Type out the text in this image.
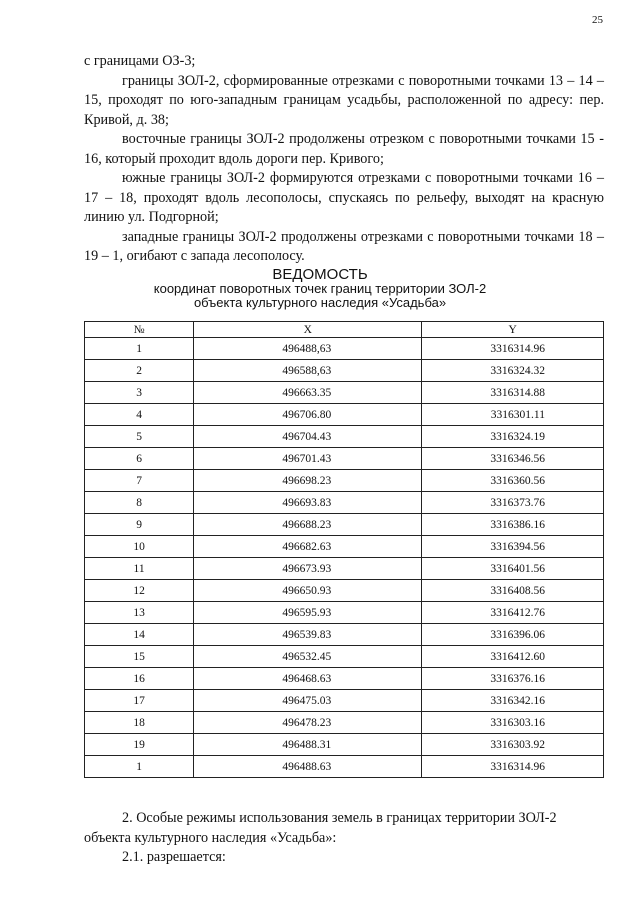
25

с границами ОЗ-3;

границы ЗОЛ-2, сформированные отрезками с поворотными точками 13 – 14 – 15, проходят по юго-западным границам усадьбы, расположенной по адресу: пер. Кривой, д. 38;

восточные границы ЗОЛ-2 продолжены отрезком с поворотными точками 15 - 16, который проходит вдоль дороги пер. Кривого;

южные границы ЗОЛ-2 формируются отрезками с поворотными точками 16 – 17 – 18, проходят вдоль лесополосы, спускаясь по рельефу, выходят на красную линию ул. Подгорной;

западные границы ЗОЛ-2 продолжены отрезками с поворотными точками 18 – 19 – 1, огибают с запада лесополосу.

ВЕДОМОСТЬ
координат поворотных точек границ территории ЗОЛ-2
объекта культурного наследия «Усадьба»
№	X	Y
1	496488,63	3316314.96
2	496588,63	3316324.32
3	496663.35	3316314.88
4	496706.80	3316301.11
5	496704.43	3316324.19
6	496701.43	3316346.56
7	496698.23	3316360.56
8	496693.83	3316373.76
9	496688.23	3316386.16
10	496682.63	3316394.56
11	496673.93	3316401.56
12	496650.93	3316408.56
13	496595.93	3316412.76
14	496539.83	3316396.06
15	496532.45	3316412.60
16	496468.63	3316376.16
17	496475.03	3316342.16
18	496478.23	3316303.16
19	496488.31	3316303.92
1	496488.63	3316314.96

2. Особые режимы использования земель в границах территории ЗОЛ-2 объекта культурного наследия «Усадьба»:

2.1. разрешается:
